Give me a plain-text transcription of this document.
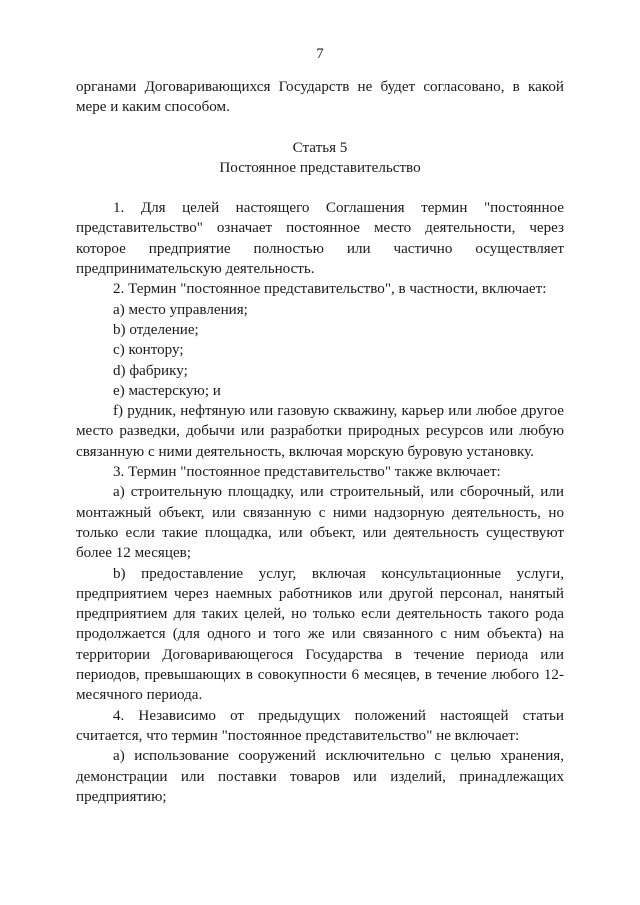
7

органами Договаривающихся Государств не будет согласовано, в какой мере и каким способом.

Статья 5

Постоянное представительство

1. Для целей настоящего Соглашения термин "постоянное представительство" означает постоянное место деятельности, через которое предприятие полностью или частично осуществляет предпринимательскую деятельность.

2. Термин "постоянное представительство", в частности, включает:

a) место управления;

b) отделение;

c) контору;

d) фабрику;

e) мастерскую; и

f) рудник, нефтяную или газовую скважину, карьер или любое другое место разведки, добычи или разработки природных ресурсов или любую связанную с ними деятельность, включая морскую буровую установку.

3. Термин "постоянное представительство" также включает:

a) строительную площадку, или строительный, или сборочный, или монтажный объект, или связанную с ними надзорную деятельность, но только если такие площадка, или объект, или деятельность существуют более 12 месяцев;

b) предоставление услуг, включая консультационные услуги, предприятием через наемных работников или другой персонал, нанятый предприятием для таких целей, но только если деятельность такого рода продолжается (для одного и того же или связанного с ним объекта) на территории Договаривающегося Государства в течение периода или периодов, превышающих в совокупности 6 месяцев, в течение любого 12-месячного периода.

4. Независимо от предыдущих положений настоящей статьи считается, что термин "постоянное представительство" не включает:

a) использование сооружений исключительно с целью хранения, демонстрации или поставки товаров или изделий, принадлежащих предприятию;
